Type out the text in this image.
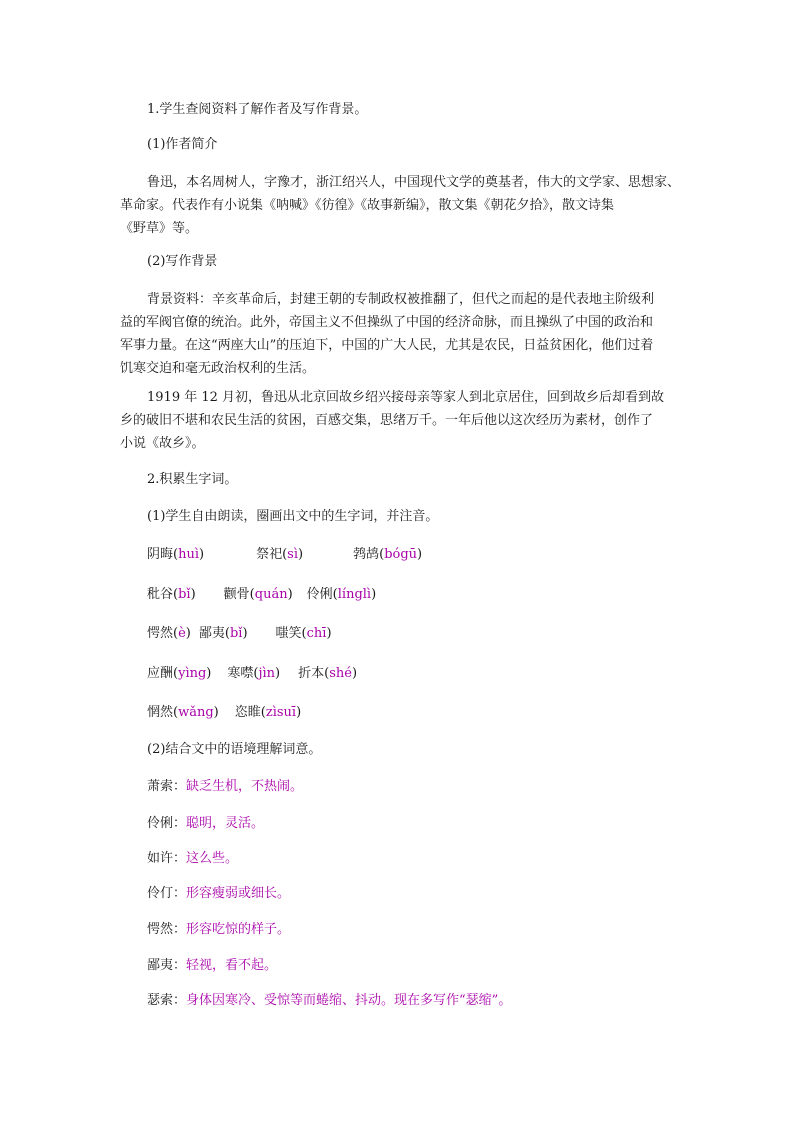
1.学生查阅资料了解作者及写作背景。
(1)作者简介
鲁迅，本名周树人，字豫才，浙江绍兴人，中国现代文学的奠基者，伟大的文学家、思想家、
革命家。代表作有小说集《呐喊》《彷徨》《故事新编》，散文集《朝花夕拾》，散文诗集
《野草》等。
(2)写作背景
背景资料：辛亥革命后，封建王朝的专制政权被推翻了，但代之而起的是代表地主阶级利
益的军阀官僚的统治。此外，帝国主义不但操纵了中国的经济命脉，而且操纵了中国的政治和
军事力量。在这“两座大山”的压迫下，中国的广大人民，尤其是农民，日益贫困化，他们过着
饥寒交迫和毫无政治权利的生活。
1919 年 12 月初，鲁迅从北京回故乡绍兴接母亲等家人到北京居住，回到故乡后却看到故
乡的破旧不堪和农民生活的贫困，百感交集，思绪万千。一年后他以这次经历为素材，创作了
小说《故乡》。
2.积累生字词。
(1)学生自由朗读，圈画出文中的生字词，并注音。
阴晦(huì)	祭祀(sì)	鹁鸪(bógū)
秕谷(bǐ) 颧骨(quán) 伶俐(línglì)
愕然(è) 鄙夷(bǐ) 嗤笑(chī)
应酬(yìng) 寒噤(jìn) 折本(shé)
惘然(wǎng) 恣睢(zìsuī)
(2)结合文中的语境理解词意。
萧索：缺乏生机，不热闹。
伶俐：聪明，灵活。
如许：这么些。
伶仃：形容瘦弱或细长。
愕然：形容吃惊的样子。
鄙夷：轻视，看不起。
瑟索：身体因寒冷、受惊等而蜷缩、抖动。现在多写作“瑟缩”。
